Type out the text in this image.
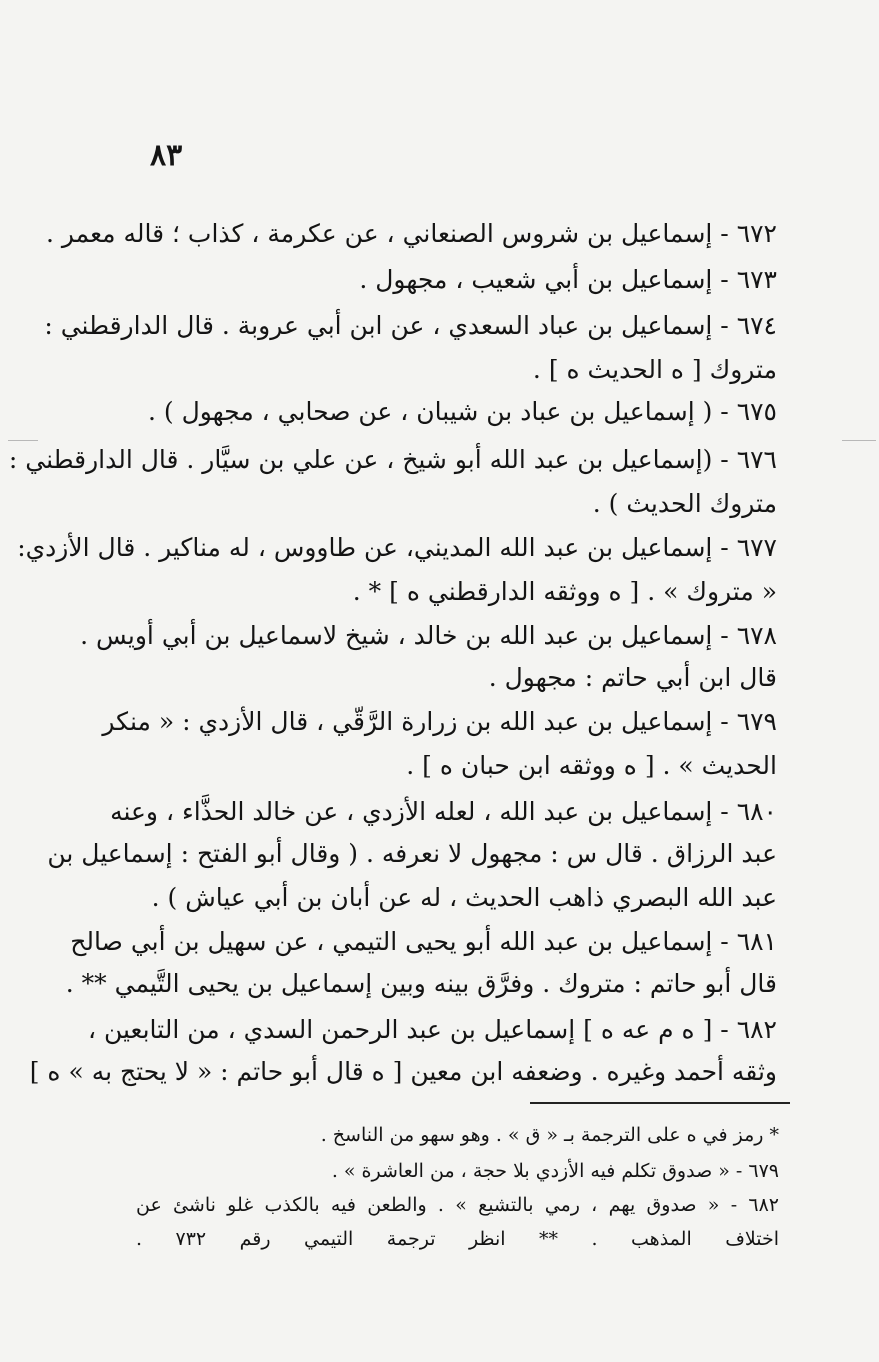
٨٣
٦٧٢ - إسماعيل بن شروس الصنعاني ، عن عكرمة ، كذاب ؛ قاله معمر .
٦٧٣ - إسماعيل بن أبي شعيب ، مجهول .
٦٧٤ - إسماعيل بن عباد السعدي ، عن ابن أبي عروبة . قال الدارقطني :
متروك [ ه الحديث ه ] .
٦٧٥ - ( إسماعيل بن عباد بن شيبان ، عن صحابي ، مجهول ) .
٦٧٦ - (إسماعيل بن عبد الله أبو شيخ ، عن علي بن سيَّار . قال الدارقطني :
متروك الحديث ) .
٦٧٧ - إسماعيل بن عبد الله المديني، عن طاووس ، له مناكير . قال الأزدي:
« متروك » . [ ه ووثقه الدارقطني ه ] * .
٦٧٨ - إسماعيل بن عبد الله بن خالد ، شيخ لاسماعيل بن أبي أويس .
قال ابن أبي حاتم : مجهول .
٦٧٩ - إسماعيل بن عبد الله بن زرارة الرَّقّي ، قال الأزدي : « منكر
الحديث » . [ ه ووثقه ابن حبان ه ] .
٦٨٠ - إسماعيل بن عبد الله ، لعله الأزدي ، عن خالد الحذَّاء ، وعنه
عبد الرزاق . قال س : مجهول لا نعرفه . ( وقال أبو الفتح : إسماعيل بن
عبد الله البصري ذاهب الحديث ، له عن أبان بن أبي عياش ) .
٦٨١ - إسماعيل بن عبد الله أبو يحيى التيمي ، عن سهيل بن أبي صالح
قال أبو حاتم : متروك . وفرَّق بينه وبين إسماعيل بن يحيى التَّيمي ** .
٦٨٢ - [ ه م عه ه ] إسماعيل بن عبد الرحمن السدي ، من التابعين ،
وثقه أحمد وغيره . وضعفه ابن معين [ ه قال أبو حاتم : « لا يحتج به » ه ]
* رمز في ه على الترجمة بـ « ق » . وهو سهو من الناسخ .
٦٧٩ - « صدوق تكلم فيه الأزدي بلا حجة ، من العاشرة » .
٦٨٢ - « صدوق يهم ، رمي بالتشيع » . والطعن فيه بالكذب غلو ناشئ عن
اختلاف المذهب . ** انظر ترجمة التيمي رقم ٧٣٢ .
